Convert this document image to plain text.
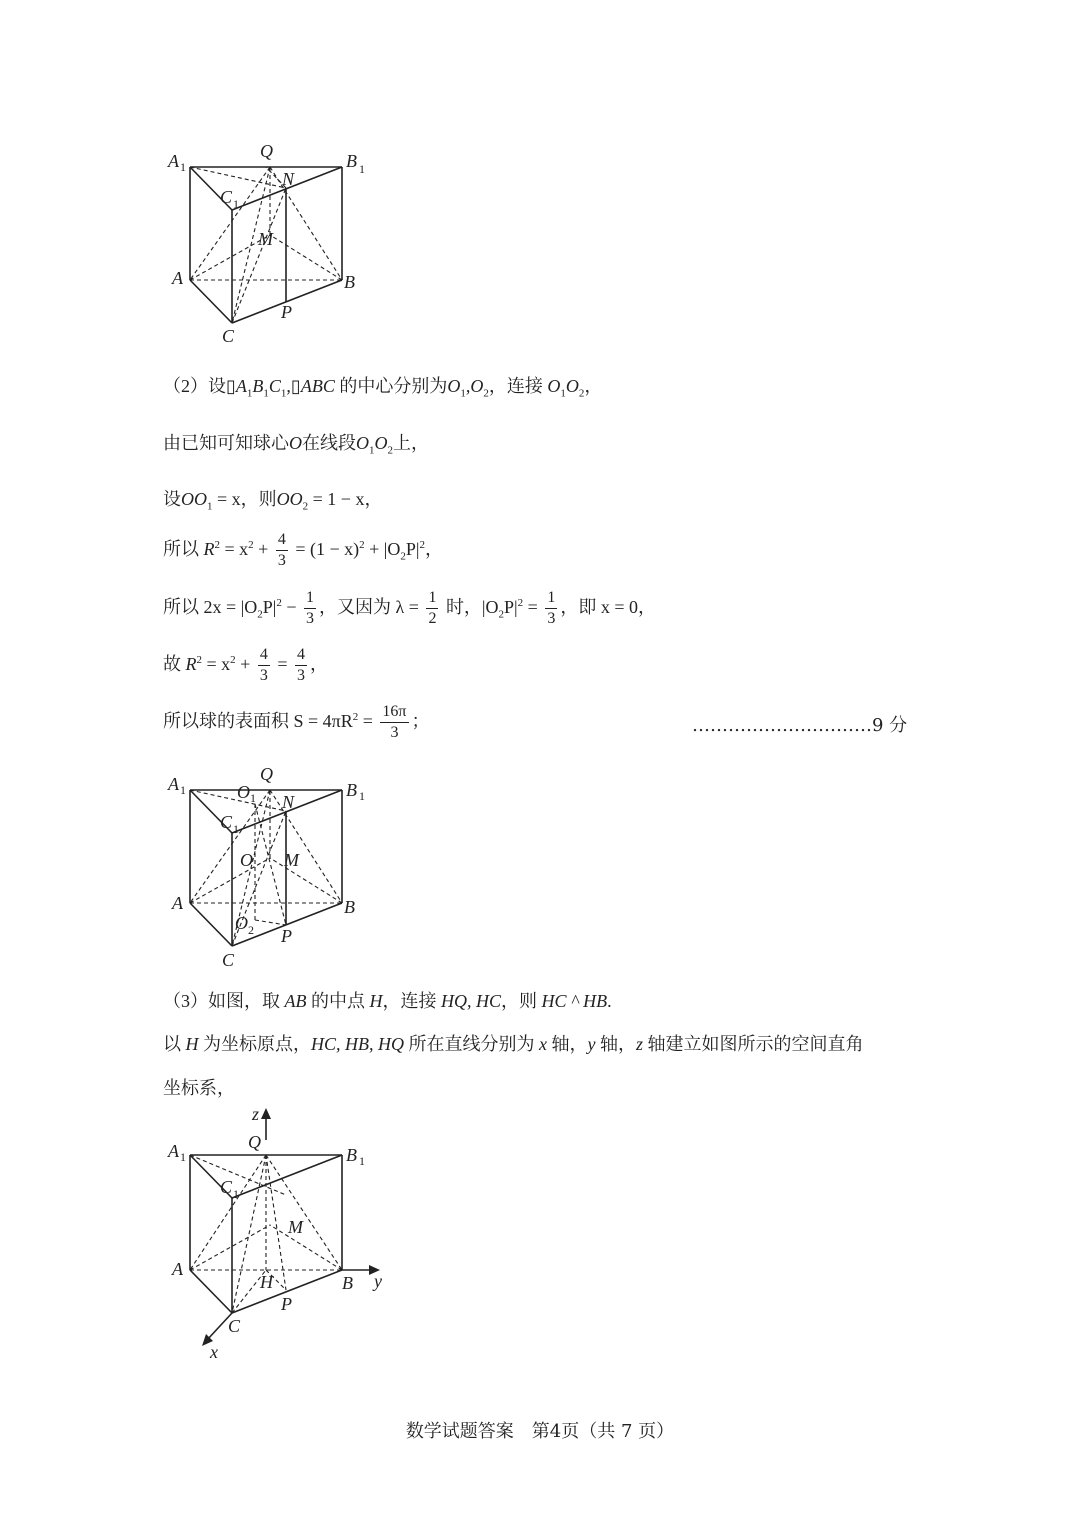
A 1
Q	B 1
N
C 1
M
A	B
P
C
（2）设$▯A_1B_1C_1,▯ABC$ 的中心分别为$O_1,O_2$，连接 $O_1O_2$，
由已知可知球心O在线段$O_1O_2$上，
设$OO_1 = x$，则$OO_2 = 1 - x$，
所以 $R^2 = x^2 + \frac{4}{3} = (1 - x)^2 + |O_2P|^2$，
所以 $2x = |O_2P|^2 - \frac{1}{3}$ ，又因为 $\lambda = \frac{1}{2}$ 时，$|O_2P|^2 = \frac{1}{3}$ ，即 x = 0，
故 $R^2 = x^2 + \frac{4}{3} = \frac{4}{3}$ ，
所以球的表面积 $S = 4\pi R^2 = \frac{16\pi}{3}$ ；	…………………………9 分
A 1
Q
B 1
O 1 N
C 1
O M
A	B
O 2 P
C
（3）如图，取 AB 的中点 H，连接 HQ, HC，则 HC ^ HB.
以 H 为坐标原点，HC, HB, HQ 所在直线分别为 x 轴，y 轴，z 轴建立如图所示的空间直角
坐标系，
z
A 1
Q
B 1
C 1
M
A
H	B y
P
C
x
数学试题答案　第4页（共 7 页）
